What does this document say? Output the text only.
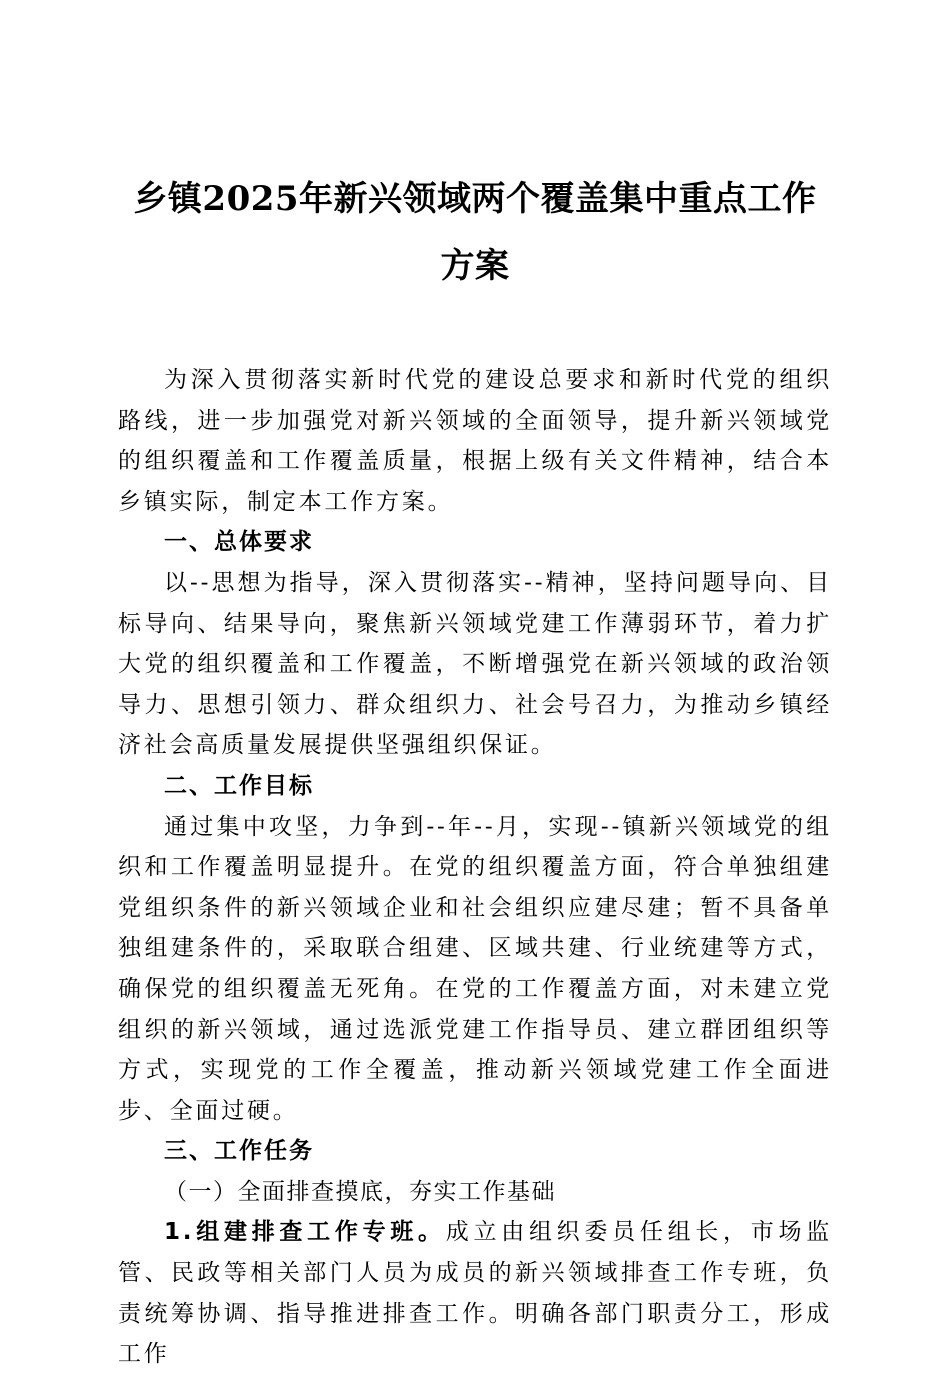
乡镇2025年新兴领域两个覆盖集中重点工作方案

为深入贯彻落实新时代党的建设总要求和新时代党的组织路线，进一步加强党对新兴领域的全面领导，提升新兴领域党的组织覆盖和工作覆盖质量，根据上级有关文件精神，结合本乡镇实际，制定本工作方案。

一、总体要求

以--思想为指导，深入贯彻落实--精神，坚持问题导向、目标导向、结果导向，聚焦新兴领域党建工作薄弱环节，着力扩大党的组织覆盖和工作覆盖，不断增强党在新兴领域的政治领导力、思想引领力、群众组织力、社会号召力，为推动乡镇经济社会高质量发展提供坚强组织保证。

二、工作目标

通过集中攻坚，力争到--年--月，实现--镇新兴领域党的组织和工作覆盖明显提升。在党的组织覆盖方面，符合单独组建党组织条件的新兴领域企业和社会组织应建尽建；暂不具备单独组建条件的，采取联合组建、区域共建、行业统建等方式，确保党的组织覆盖无死角。在党的工作覆盖方面，对未建立党组织的新兴领域，通过选派党建工作指导员、建立群团组织等方式，实现党的工作全覆盖，推动新兴领域党建工作全面进步、全面过硬。

三、工作任务

（一）全面排查摸底，夯实工作基础

1.组建排查工作专班。成立由组织委员任组长，市场监管、民政等相关部门人员为成员的新兴领域排查工作专班，负责统筹协调、指导推进排查工作。明确各部门职责分工，形成工作
